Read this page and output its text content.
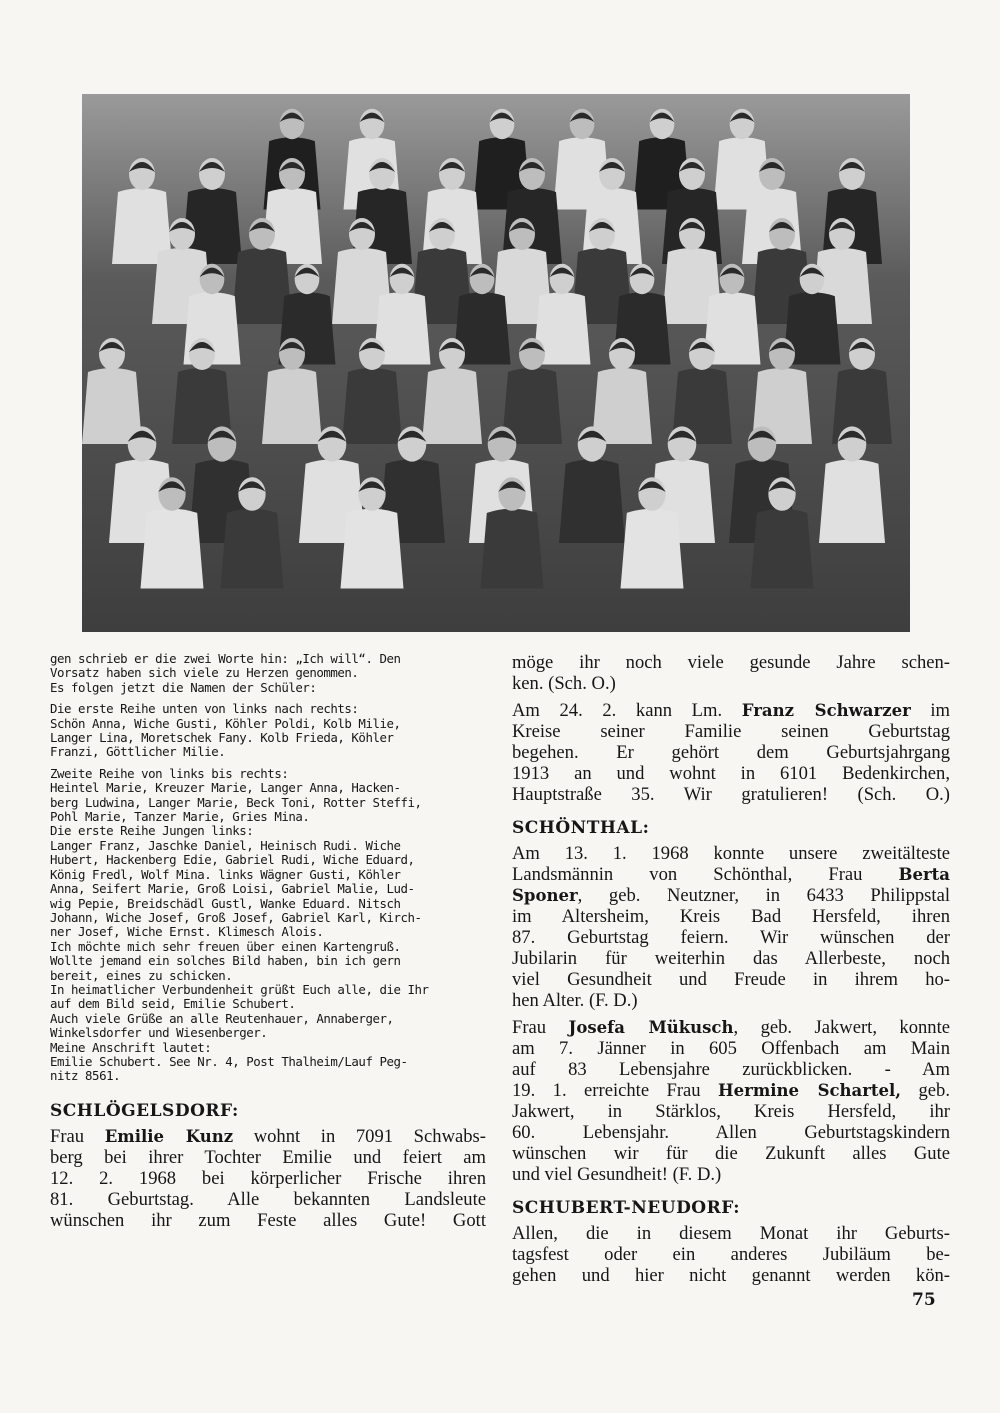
gen schrieb er die zwei Worte hin: „Ich will“. Den
Vorsatz haben sich viele zu Herzen genommen.
Es folgen jetzt die Namen der Schüler:
Die erste Reihe unten von links nach rechts:
Schön Anna, Wiche Gusti, Köhler Poldi, Kolb Milie,
Langer Lina, Moretschek Fany. Kolb Frieda, Köhler
Franzi, Göttlicher Milie.
Zweite Reihe von links bis rechts:
Heintel Marie, Kreuzer Marie, Langer Anna, Hacken-
berg Ludwina, Langer Marie, Beck Toni, Rotter Steffi,
Pohl Marie, Tanzer Marie, Gries Mina.
Die erste Reihe Jungen links:
Langer Franz, Jaschke Daniel, Heinisch Rudi. Wiche
Hubert, Hackenberg Edie, Gabriel Rudi, Wiche Eduard,
König Fredl, Wolf Mina. links Wägner Gusti, Köhler
Anna, Seifert Marie, Groß Loisi, Gabriel Malie, Lud-
wig Pepie, Breidschädl Gustl, Wanke Eduard. Nitsch
Johann, Wiche Josef, Groß Josef, Gabriel Karl, Kirch-
ner Josef, Wiche Ernst. Klimesch Alois.
Ich möchte mich sehr freuen über einen Kartengruß.
Wollte jemand ein solches Bild haben, bin ich gern
bereit, eines zu schicken.
In heimatlicher Verbundenheit grüßt Euch alle, die Ihr
auf dem Bild seid, Emilie Schubert.
Auch viele Grüße an alle Reutenhauer, Annaberger,
Winkelsdorfer und Wiesenberger.
Meine Anschrift lautet:
Emilie Schubert. See Nr. 4, Post Thalheim/Lauf Peg-
nitz 8561.
SCHLÖGELSDORF:
Frau Emilie Kunz wohnt in 7091 Schwabs-
berg bei ihrer Tochter Emilie und feiert am
12. 2. 1968 bei körperlicher Frische ihren
81. Geburtstag. Alle bekannten Landsleute
wünschen ihr zum Feste alles Gute! Gott
möge ihr noch viele gesunde Jahre schen-
ken. (Sch. O.)
Am 24. 2. kann Lm. Franz Schwarzer im
Kreise seiner Familie seinen Geburtstag
begehen. Er gehört dem Geburtsjahrgang
1913 an und wohnt in 6101 Bedenkirchen,
Hauptstraße 35. Wir gratulieren! (Sch. O.)
SCHÖNTHAL:
Am 13. 1. 1968 konnte unsere zweitälteste
Landsmännin von Schönthal, Frau Berta
Sponer, geb. Neutzner, in 6433 Philippstal
im Altersheim, Kreis Bad Hersfeld, ihren
87. Geburtstag feiern. Wir wünschen der
Jubilarin für weiterhin das Allerbeste, noch
viel Gesundheit und Freude in ihrem ho-
hen Alter. (F. D.)
Frau Josefa Mükusch, geb. Jakwert, konnte
am 7. Jänner in 605 Offenbach am Main
auf 83 Lebensjahre zurückblicken. - Am
19. 1. erreichte Frau Hermine Schartel, geb.
Jakwert, in Stärklos, Kreis Hersfeld, ihr
60. Lebensjahr. Allen Geburtstagskindern
wünschen wir für die Zukunft alles Gute
und viel Gesundheit! (F. D.)
SCHUBERT-NEUDORF:
Allen, die in diesem Monat ihr Geburts-
tagsfest oder ein anderes Jubiläum be-
gehen und hier nicht genannt werden kön-
75
